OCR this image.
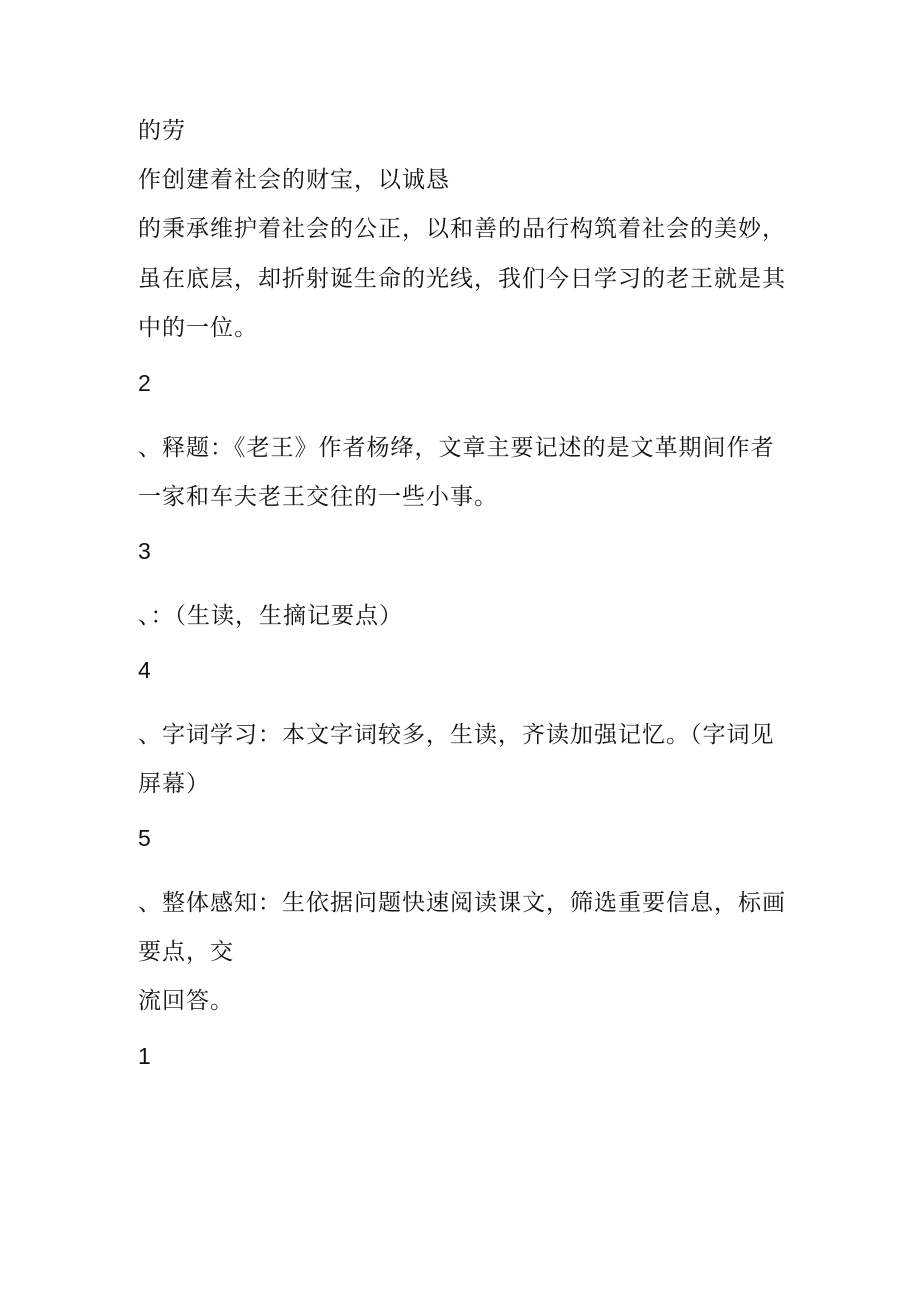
的劳
作创建着社会的财宝，以诚恳
的秉承维护着社会的公正，以和善的品行构筑着社会的美妙，
虽在底层，却折射诞生命的光线，我们今日学习的老王就是其
中的一位。
2
、释题：《老王》作者杨绛，文章主要记述的是文革期间作者
一家和车夫老王交往的一些小事。
3
、：（生读，生摘记要点）
4
、字词学习：本文字词较多，生读，齐读加强记忆。（字词见
屏幕）
5
、整体感知：生依据问题快速阅读课文，筛选重要信息，标画
要点，交
流回答。
1
